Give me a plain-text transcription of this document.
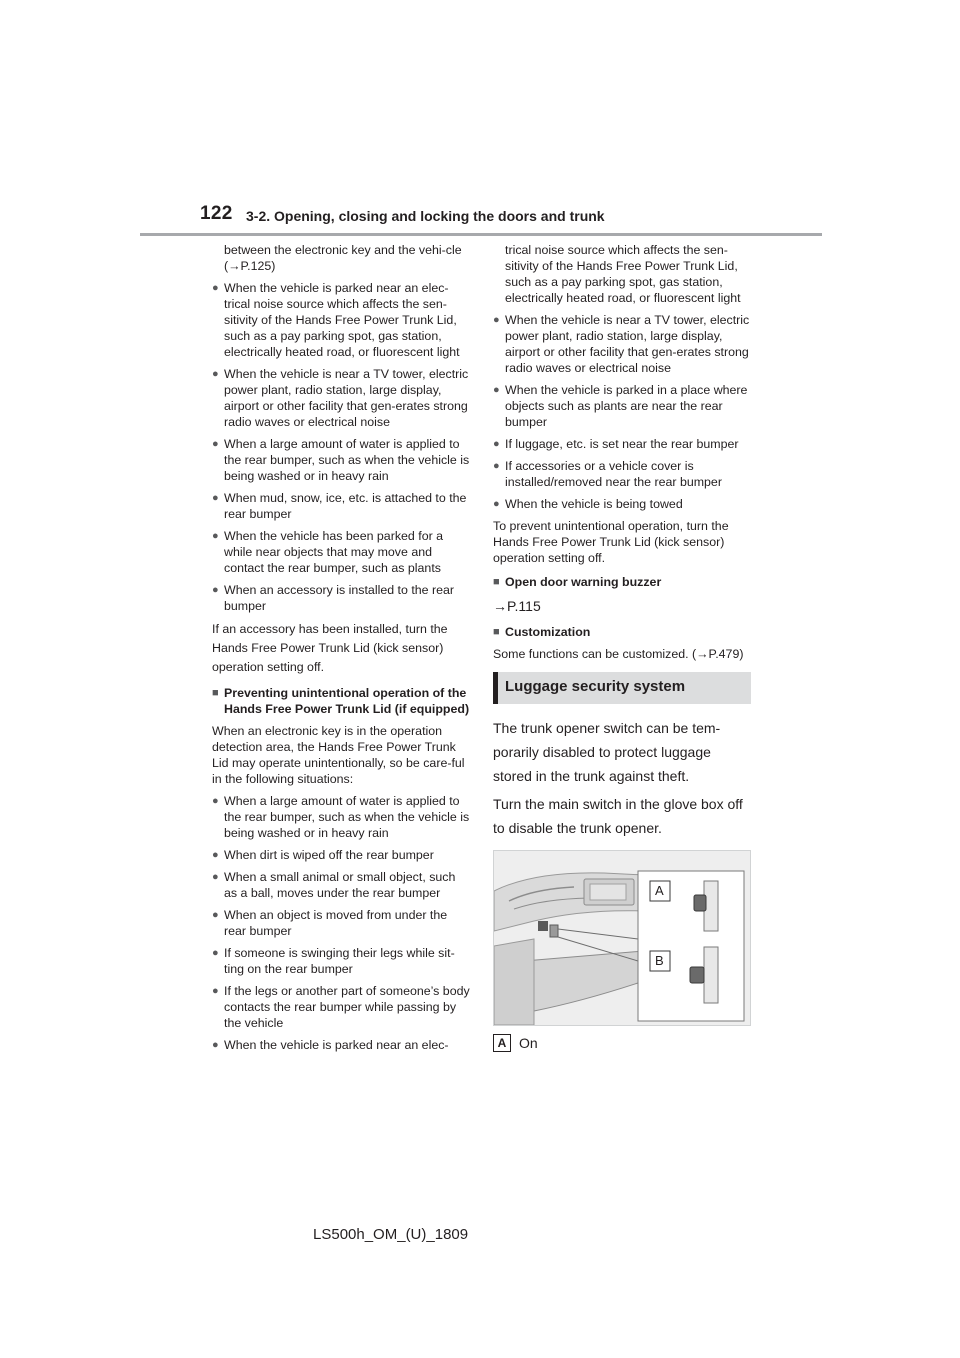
122 3-2. Opening, closing and locking the doors and trunk

between the electronic key and the vehi-cle (→P.125)

● When the vehicle is parked near an elec-trical noise source which affects the sen-sitivity of the Hands Free Power Trunk Lid, such as a pay parking spot, gas station, electrically heated road, or fluorescent light
● When the vehicle is near a TV tower, electric power plant, radio station, large display, airport or other facility that gen-erates strong radio waves or electrical noise
● When a large amount of water is applied to the rear bumper, such as when the vehicle is being washed or in heavy rain
● When mud, snow, ice, etc. is attached to the rear bumper
● When the vehicle has been parked for a while near objects that may move and contact the rear bumper, such as plants
● When an accessory is installed to the rear bumper

If an accessory has been installed, turn the Hands Free Power Trunk Lid (kick sensor) operation setting off.

■ Preventing unintentional operation of the Hands Free Power Trunk Lid (if equipped)

When an electronic key is in the operation detection area, the Hands Free Power Trunk Lid may operate unintentionally, so be care-ful in the following situations:

● When a large amount of water is applied to the rear bumper, such as when the vehicle is being washed or in heavy rain
● When dirt is wiped off the rear bumper
● When a small animal or small object, such as a ball, moves under the rear bumper
● When an object is moved from under the rear bumper
● If someone is swinging their legs while sit-ting on the rear bumper
● If the legs or another part of someone’s body contacts the rear bumper while passing by the vehicle
● When the vehicle is parked near an elec-

trical noise source which affects the sen-sitivity of the Hands Free Power Trunk Lid, such as a pay parking spot, gas station, electrically heated road, or fluorescent light

● When the vehicle is near a TV tower, electric power plant, radio station, large display, airport or other facility that gen-erates strong radio waves or electrical noise
● When the vehicle is parked in a place where objects such as plants are near the rear bumper
● If luggage, etc. is set near the rear bumper
● If accessories or a vehicle cover is installed/removed near the rear bumper
● When the vehicle is being towed

To prevent unintentional operation, turn the Hands Free Power Trunk Lid (kick sensor) operation setting off.

■ Open door warning buzzer

→P.115

■ Customization

Some functions can be customized. (→P.479)

Luggage security system

The trunk opener switch can be tem-porarily disabled to protect luggage stored in the trunk against theft.

Turn the main switch in the glove box off to disable the trunk opener.

A
B
A On
LS500h_OM_(U)_1809
